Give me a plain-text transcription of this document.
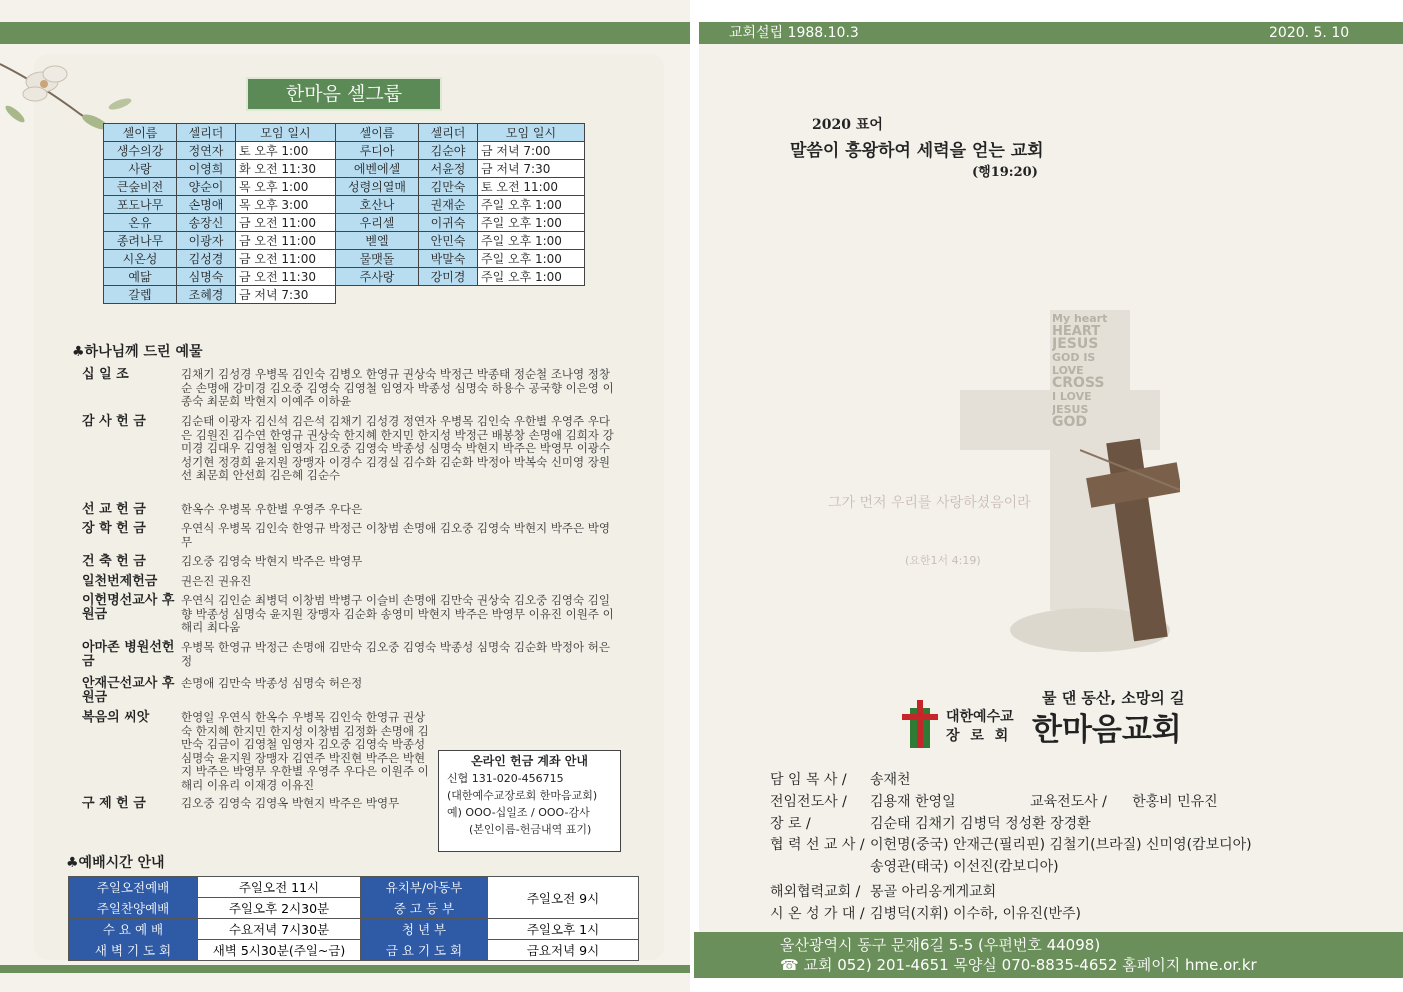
한마음 셀그룹
셀이름	셀리더	모임 일시	셀이름	셀리더	모임 일시
생수의강	정연자	토 오후 1:00	루디아	김순야	금 저녁 7:00
사랑	이영희	화 오전 11:30	에벤에셀	서윤정	금 저녁 7:30
큰숲비전	양순이	목 오후 1:00	성령의열매	김만숙	토 오전 11:00
포도나무	손명애	목 오후 3:00	호산나	권재순	주일 오후 1:00
온유	송장신	금 오전 11:00	우리셀	이귀숙	주일 오후 1:00
종려나무	이광자	금 오전 11:00	벧엘	안민숙	주일 오후 1:00
시온성	김성경	금 오전 11:00	물맷돌	박말숙	주일 오후 1:00
예닮	심명숙	금 오전 11:30	주사랑	강미경	주일 오후 1:00
갈렙	조혜경	금 저녁 7:30			
♣하나님께 드린 예물
십 일 조	김채기 김성경 우병목 김인숙 김병오 한영규 권상숙 박정근 박종태 정순철 조나영 정창순 손명애 강미경 김오중 김영숙 김영철 임영자 박종성 심명숙 하용수 공국향 이은영 이종숙 최문희 박현지 이예주 이하윤
감 사 헌 금	김순태 이광자 김신석 김은석 김채기 김성경 정연자 우병목 김인숙 우한별 우영주 우다은 김원진 김수연 한영규 권상숙 한지혜 한지민 한지성 박정근 배봉창 손명애 김희자 강미경 김대우 김영철 임영자 김오중 김영숙 박종성 심명숙 박현지 박주은 박영무 이광수 성기현 정경희 윤지원 장맹자 이경수 김경실 김수화 김순화 박정아 박복숙 신미영 장원선 최문희 안선희 김은혜 김순수
선 교 헌 금	한옥수 우병목 우한별 우영주 우다은
장 학 헌 금	우연식 우병목 김인숙 한영규 박정근 이창범 손명애 김오중 김영숙 박현지 박주은 박영무
건 축 헌 금	김오중 김영숙 박현지 박주은 박영무
일천번제헌금	권은진 권유진
이헌명선교사 후원금
우연식 김인순 최병덕 이창범 박병구 이슬비 손명애 김만숙 권상숙 김오중 김영숙 김일향 박종성 심명숙 윤지원 장맹자 김순화 송영미 박현지 박주은 박영무 이유진 이원주 이해리 최다움
아마존 병원선헌금
우병목 한영규 박정근 손명애 김만숙 김오중 김영숙 박종성 심명숙 김순화 박정아 허은정
안재근선교사 후원금
손명애 김만숙 박종성 심명숙 허은정
복음의 씨앗	한영일 우연식 한옥수 우병목 김인숙 한영규 권상숙 한지혜 한지민 한지성 이창범 김정화 손명애 김만숙 김금이 김영철 임영자 김오중 김영숙 박종성 심명숙 윤지원 장맹자 김연주 박진현 박주은 박현지 박주은 박영무 우한별 우영주 우다은 이원주 이해리 이유리 이재경 이유진
구 제 헌 금	김오중 김영숙 김영옥 박현지 박주은 박영무
온라인 헌금 계좌 안내
신협 131-020-456715
(대한예수교장로회 한마음교회)
예) OOO-십일조 / OOO-감사
(본인이름-헌금내역 표기)
♣예배시간 안내
주일오전예배	주일오전 11시	유치부/아동부	주일오전 9시
주일찬양예배	주일오후 2시30분	중 고 등 부	
수 요 예 배	수요저녁 7시30분	청 년 부	주일오후 1시
새 벽 기 도 회	새벽 5시30분(주일~금)	금 요 기 도 회	금요저녁 9시
교회설립 1988.10.3	2020. 5. 10
2020 표어
말씀이 흥왕하여 세력을 얻는 교회
(행19:20)
My heart
HEART
JESUS
GOD IS LOVE
CROSS
I LOVE JESUS
GOD
그가 먼저 우리를 사랑하셨음이라
(요한1서 4:19)
물 댄 동산, 소망의 길
대한예수교
장 로 회 한마음교회
담 임 목 사 / 송재천
전임전도사 / 김용재 한영일	교육전도사 / 한홍비 민유진
장 로 /	김순태 김채기 김병덕 정성환 장경환
협 력 선 교 사 / 이헌명(중국) 안재근(필리핀) 김철기(브라질) 신미영(캄보디아)
송영관(태국) 이선진(캄보디아)
해외협력교회 / 몽골 아리옹게게교회
시 온 성 가 대 / 김병덕(지휘) 이수하, 이유진(반주)
울산광역시 동구 문재6길 5-5 (우편번호 44098)
☎ 교회 052) 201-4651 목양실 070-8835-4652 홈페이지 hme.or.kr
